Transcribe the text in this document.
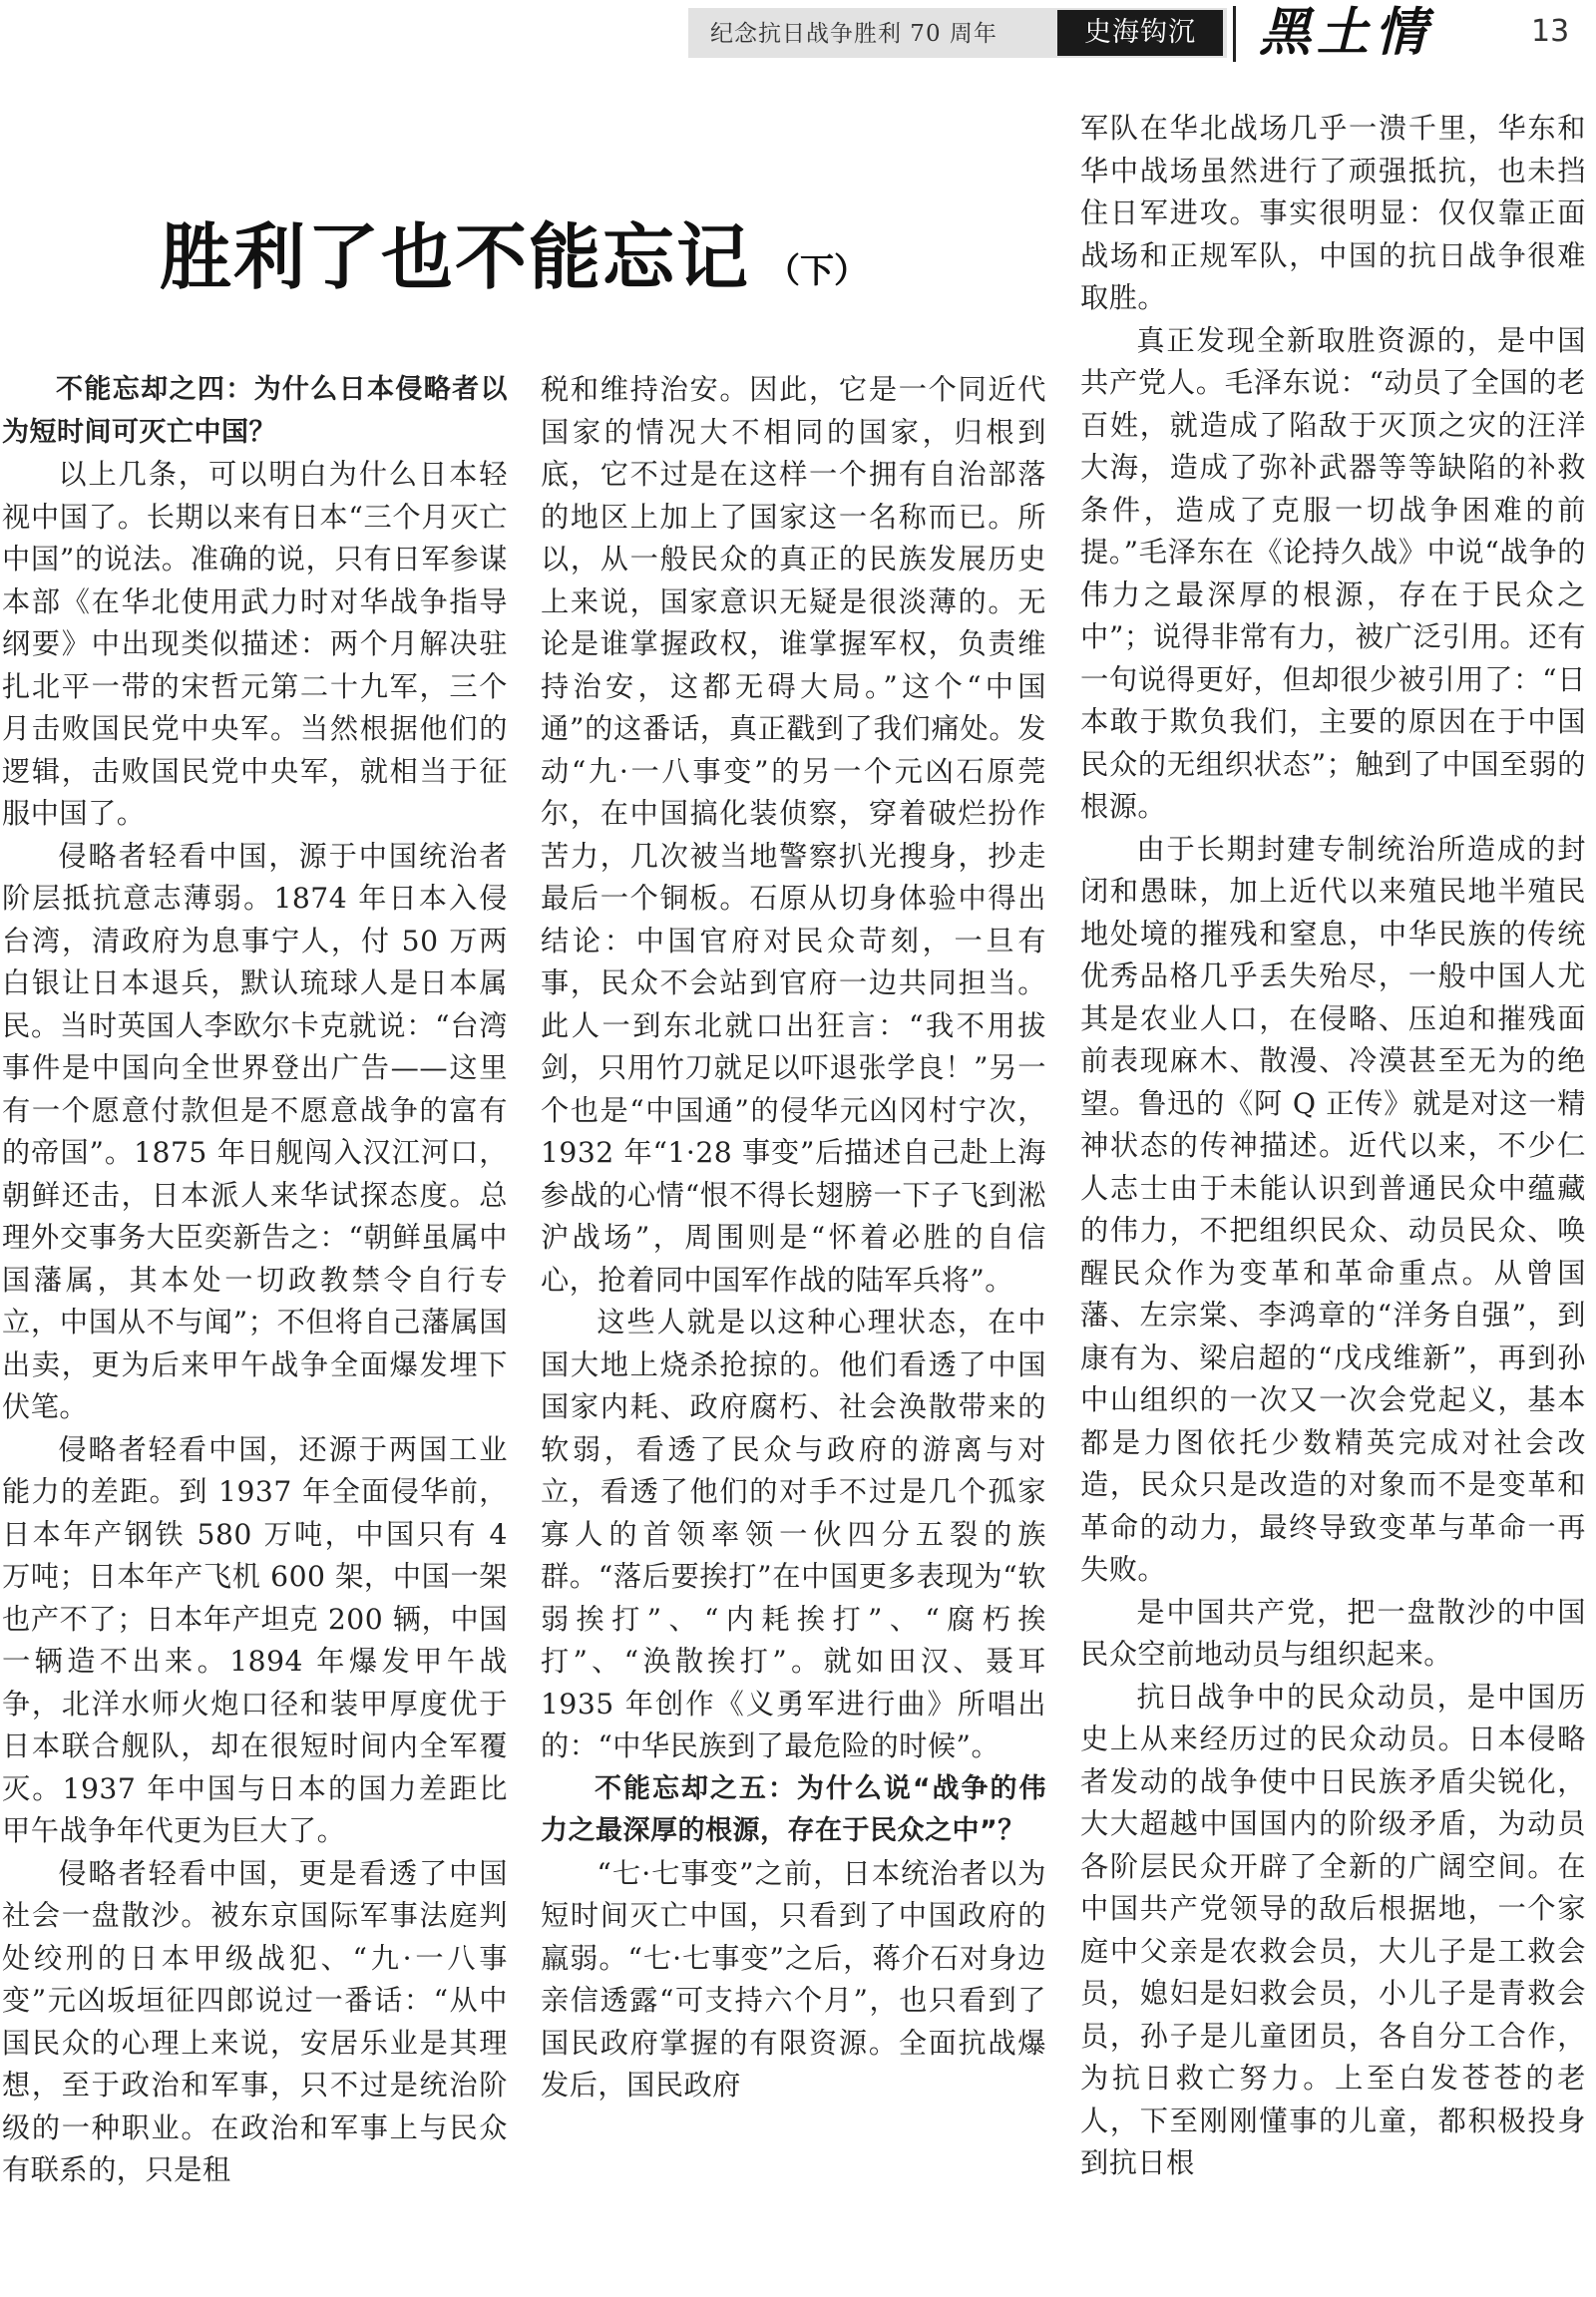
纪念抗日战争胜利 70 周年	史海钩沉	黑土情	13
胜利了也不能忘记 （下）

不能忘却之四：为什么日本侵略者以为短时间可灭亡中国？

以上几条，可以明白为什么日本轻视中国了。长期以来有日本“三个月灭亡中国”的说法。准确的说，只有日军参谋本部《在华北使用武力时对华战争指导纲要》中出现类似描述：两个月解决驻扎北平一带的宋哲元第二十九军，三个月击败国民党中央军。当然根据他们的逻辑，击败国民党中央军，就相当于征服中国了。

侵略者轻看中国，源于中国统治者阶层抵抗意志薄弱。1874 年日本入侵台湾，清政府为息事宁人，付 50 万两白银让日本退兵，默认琉球人是日本属民。当时英国人李欧尔卡克就说：“台湾事件是中国向全世界登出广告——这里有一个愿意付款但是不愿意战争的富有的帝国”。1875 年日舰闯入汉江河口，朝鲜还击，日本派人来华试探态度。总理外交事务大臣奕新告之：“朝鲜虽属中国藩属，其本处一切政教禁令自行专立，中国从不与闻”；不但将自己藩属国出卖，更为后来甲午战争全面爆发埋下伏笔。

侵略者轻看中国，还源于两国工业能力的差距。到 1937 年全面侵华前，日本年产钢铁 580 万吨，中国只有 4 万吨；日本年产飞机 600 架，中国一架也产不了；日本年产坦克 200 辆，中国一辆造不出来。1894 年爆发甲午战争，北洋水师火炮口径和装甲厚度优于日本联合舰队，却在很短时间内全军覆灭。1937 年中国与日本的国力差距比甲午战争年代更为巨大了。

侵略者轻看中国，更是看透了中国社会一盘散沙。被东京国际军事法庭判处绞刑的日本甲级战犯、“九·一八事变”元凶坂垣征四郎说过一番话：“从中国民众的心理上来说，安居乐业是其理想，至于政治和军事，只不过是统治阶级的一种职业。在政治和军事上与民众有联系的，只是租

税和维持治安。因此，它是一个同近代国家的情况大不相同的国家，归根到底，它不过是在这样一个拥有自治部落的地区上加上了国家这一名称而已。所以，从一般民众的真正的民族发展历史上来说，国家意识无疑是很淡薄的。无论是谁掌握政权，谁掌握军权，负责维持治安，这都无碍大局。”这个“中国通”的这番话，真正戳到了我们痛处。发动“九·一八事变”的另一个元凶石原莞尔，在中国搞化装侦察，穿着破烂扮作苦力，几次被当地警察扒光搜身，抄走最后一个铜板。石原从切身体验中得出结论：中国官府对民众苛刻，一旦有事，民众不会站到官府一边共同担当。此人一到东北就口出狂言：“我不用拔剑，只用竹刀就足以吓退张学良！”另一个也是“中国通”的侵华元凶冈村宁次，1932 年“1·28 事变”后描述自己赴上海参战的心情“恨不得长翅膀一下子飞到淞沪战场”，周围则是“怀着必胜的自信心，抢着同中国军作战的陆军兵将”。

这些人就是以这种心理状态，在中国大地上烧杀抢掠的。他们看透了中国国家内耗、政府腐朽、社会涣散带来的软弱，看透了民众与政府的游离与对立，看透了他们的对手不过是几个孤家寡人的首领率领一伙四分五裂的族群。“落后要挨打”在中国更多表现为“软弱挨打”、“内耗挨打”、“腐朽挨打”、“涣散挨打”。就如田汉、聂耳 1935 年创作《义勇军进行曲》所唱出的：“中华民族到了最危险的时候”。

不能忘却之五：为什么说“战争的伟力之最深厚的根源，存在于民众之中”？

“七·七事变”之前，日本统治者以为短时间灭亡中国，只看到了中国政府的羸弱。“七·七事变”之后，蒋介石对身边亲信透露“可支持六个月”，也只看到了国民政府掌握的有限资源。全面抗战爆发后，国民政府

军队在华北战场几乎一溃千里，华东和华中战场虽然进行了顽强抵抗，也未挡住日军进攻。事实很明显：仅仅靠正面战场和正规军队，中国的抗日战争很难取胜。

真正发现全新取胜资源的，是中国共产党人。毛泽东说：“动员了全国的老百姓，就造成了陷敌于灭顶之灾的汪洋大海，造成了弥补武器等等缺陷的补救条件，造成了克服一切战争困难的前提。”毛泽东在《论持久战》中说“战争的伟力之最深厚的根源，存在于民众之中”；说得非常有力，被广泛引用。还有一句说得更好，但却很少被引用了：“日本敢于欺负我们，主要的原因在于中国民众的无组织状态”；触到了中国至弱的根源。

由于长期封建专制统治所造成的封闭和愚昧，加上近代以来殖民地半殖民地处境的摧残和窒息，中华民族的传统优秀品格几乎丢失殆尽，一般中国人尤其是农业人口，在侵略、压迫和摧残面前表现麻木、散漫、冷漠甚至无为的绝望。鲁迅的《阿 Q 正传》就是对这一精神状态的传神描述。近代以来，不少仁人志士由于未能认识到普通民众中蕴藏的伟力，不把组织民众、动员民众、唤醒民众作为变革和革命重点。从曾国藩、左宗棠、李鸿章的“洋务自强”，到康有为、梁启超的“戊戌维新”，再到孙中山组织的一次又一次会党起义，基本都是力图依托少数精英完成对社会改造，民众只是改造的对象而不是变革和革命的动力，最终导致变革与革命一再失败。

是中国共产党，把一盘散沙的中国民众空前地动员与组织起来。

抗日战争中的民众动员，是中国历史上从来经历过的民众动员。日本侵略者发动的战争使中日民族矛盾尖锐化，大大超越中国国内的阶级矛盾，为动员各阶层民众开辟了全新的广阔空间。在中国共产党领导的敌后根据地，一个家庭中父亲是农救会员，大儿子是工救会员，媳妇是妇救会员，小儿子是青救会员，孙子是儿童团员，各自分工合作，为抗日救亡努力。上至白发苍苍的老人，下至刚刚懂事的儿童，都积极投身到抗日根
